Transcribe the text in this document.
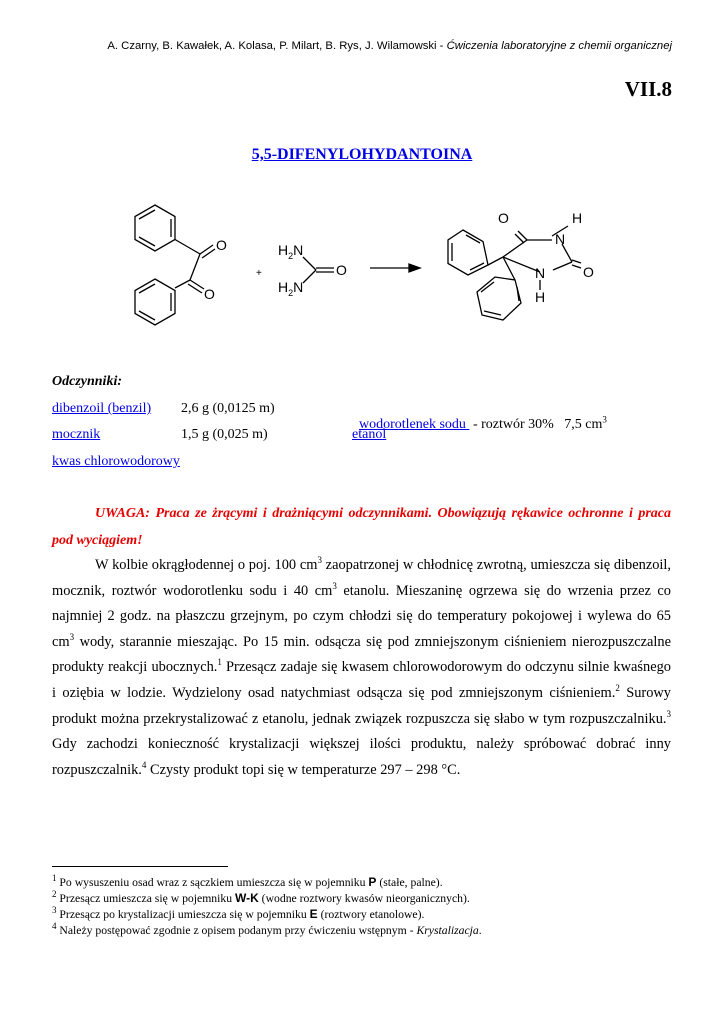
A. Czarny, B. Kawałek, A. Kolasa, P. Milart, B. Rys, J. Wilamowski - Ćwiczenia laboratoryjne z chemii organicznej
VII.8
5,5-DIFENYLOHYDANTOINA
O
O
+
$H_2N$
$H_2N$
O
O
O
N
N
H
H
Odczynniki:
dibenzoil (benzil) 2,6 g (0,0125 m)
mocznik	1,5 g (0,025 m)
kwas chlorowodorowy

wodorotlenek sodu  - roztwór 30%   7,5 $cm^3$

etanol
UWAGA: Praca ze żrącymi i drażniącymi odczynnikami. Obowiązują rękawice ochronne i praca pod wyciągiem!
W kolbie okrągłodennej o poj. 100 $cm^3$ zaopatrzonej w chłodnicę zwrotną, umieszcza się dibenzoil, mocznik, roztwór wodorotlenku sodu i 40 $cm^3$ etanolu. Mieszaninę ogrzewa się do wrzenia przez co najmniej 2 godz. na płaszczu grzejnym, po czym chłodzi się do temperatury pokojowej i wylewa do 65 $cm^3$ wody, starannie mieszając. Po 15 min. odsącza się pod zmniejszonym ciśnieniem nierozpuszczalne produkty reakcji ubocznych.$^1$ Przesącz zadaje się kwasem chlorowodorowym do odczynu silnie kwaśnego i oziębia w lodzie. Wydzielony osad natychmiast odsącza się pod zmniejszonym ciśnieniem.$^2$ Surowy produkt można przekrystalizować z etanolu, jednak związek rozpuszcza się słabo w tym rozpuszczalniku.$^3$ Gdy zachodzi konieczność krystalizacji większej ilości produktu, należy spróbować dobrać inny rozpuszczalnik.$^4$ Czysty produkt topi się w temperaturze 297 – 298 °C.
$^1$ Po wysuszeniu osad wraz z sączkiem umieszcza się w pojemniku P (stałe, palne).
$^2$ Przesącz umieszcza się w pojemniku W-K (wodne roztwory kwasów nieorganicznych).
$^3$ Przesącz po krystalizacji umieszcza się w pojemniku E (roztwory etanolowe).
$^4$ Należy postępować zgodnie z opisem podanym przy ćwiczeniu wstępnym - Krystalizacja.
